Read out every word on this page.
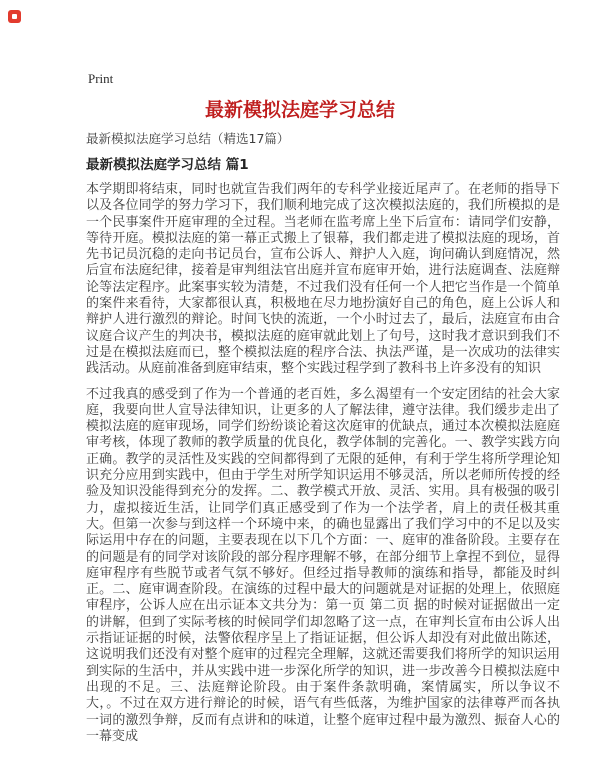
Print
最新模拟法庭学习总结
最新模拟法庭学习总结（精选17篇）
最新模拟法庭学习总结 篇1

本学期即将结束，同时也就宣告我们两年的专科学业接近尾声了。在老师的指导下以及各位同学的努力学习下，我们顺利地完成了这次模拟法庭的，我们所模拟的是一个民事案件开庭审理的全过程。当老师在监考席上坐下后宣布：请同学们安静，等待开庭。模拟法庭的第一幕正式搬上了银幕，我们都走进了模拟法庭的现场，首先书记员沉稳的走向书记员台，宣布公诉人、辩护人入庭，询问确认到庭情况，然后宣布法庭纪律，接着是审判组法官出庭并宣布庭审开始，进行法庭调查、法庭辩论等法定程序。此案事实较为清楚，不过我们没有任何一个人把它当作是一个简单的案件来看待，大家都很认真，积极地在尽力地扮演好自己的角色，庭上公诉人和辩护人进行激烈的辩论。时间飞快的流逝，一个小时过去了，最后，法庭宣布由合议庭合议产生的判决书，模拟法庭的庭审就此划上了句号，这时我才意识到我们不过是在模拟法庭而已，整个模拟法庭的程序合法、执法严谨，是一次成功的法律实践活动。从庭前准备到庭审结束，整个实践过程学到了教科书上许多没有的知识

不过我真的感受到了作为一个普通的老百姓，多么渴望有一个安定团结的社会大家庭，我要向世人宣导法律知识，让更多的人了解法律，遵守法律。我们缓步走出了模拟法庭的庭审现场，同学们纷纷谈论着这次庭审的优缺点，通过本次模拟法庭庭审考核，体现了教师的教学质量的优良化，教学体制的完善化。一、教学实践方向正确。教学的灵活性及实践的空间都得到了无限的延伸，有利于学生将所学理论知识充分应用到实践中，但由于学生对所学知识运用不够灵活，所以老师所传授的经验及知识没能得到充分的发挥。二、教学模式开放、灵活、实用。具有极强的吸引力，虚拟接近生活，让同学们真正感受到了作为一个法学者，肩上的责任极其重大。但第一次参与到这样一个环境中来，的确也显露出了我们学习中的不足以及实际运用中存在的问题，主要表现在以下几个方面：一、庭审的准备阶段。主要存在的问题是有的同学对该阶段的部分程序理解不够，在部分细节上拿捏不到位，显得庭审程序有些脱节或者气氛不够好。但经过指导教师的演练和指导，都能及时纠正。二、庭审调查阶段。在演练的过程中最大的问题就是对证据的处理上，依照庭审程序，公诉人应在出示证本文共分为：第一页 第二页 据的时候对证据做出一定的讲解，但到了实际考核的时候同学们却忽略了这一点，在审判长宣布由公诉人出示指证证据的时候，法警依程序呈上了指证证据，但公诉人却没有对此做出陈述，这说明我们还没有对整个庭审的过程完全理解，这就还需要我们将所学的知识运用到实际的生活中，并从实践中进一步深化所学的知识，进一步改善今日模拟法庭中出现的不足。三、法庭辩论阶段。由于案件条款明确，案情属实，所以争议不大，。不过在双方进行辩论的时候，语气有些低落，为维护国家的法律尊严而各执一词的激烈争辩，反而有点讲和的味道，让整个庭审过程中最为激烈、振奋人心的一幕变成
